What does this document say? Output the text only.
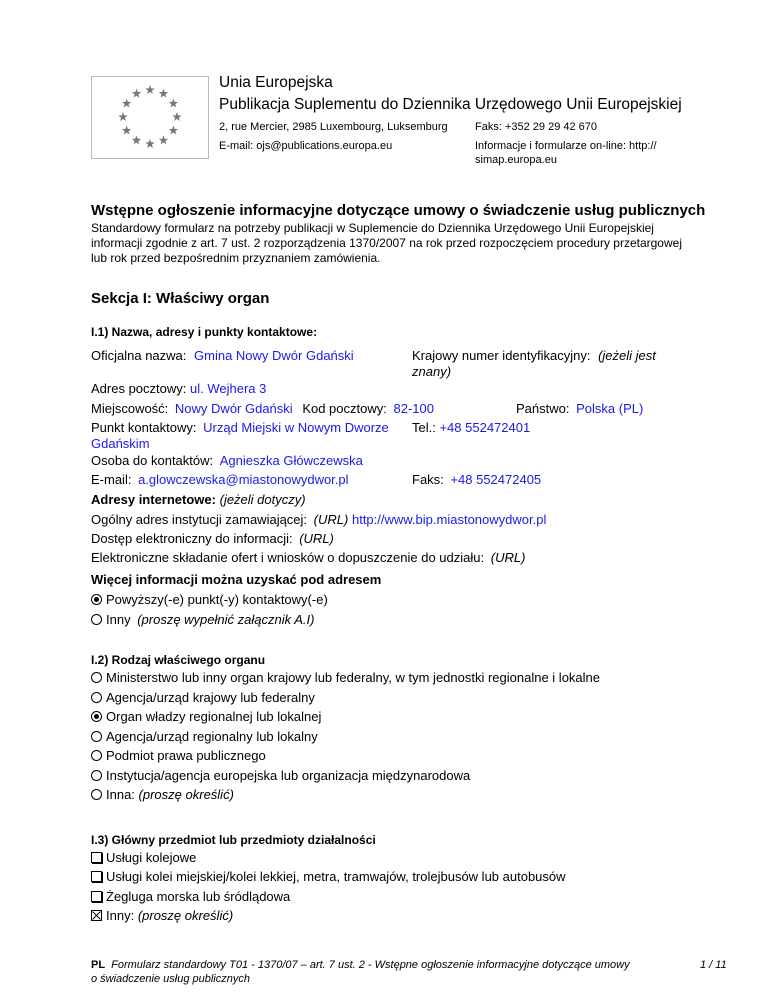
Unia Europejska
Publikacja Suplementu do Dziennika Urzędowego Unii Europejskiej
2, rue Mercier, 2985 Luxembourg, Luksemburg Faks: +352 29 29 42 670
E-mail: ojs@publications.europa.eu	Informacje i formularze on-line: http://
simap.europa.eu
Wstępne ogłoszenie informacyjne dotyczące umowy o świadczenie usług publicznych
Standardowy formularz na potrzeby publikacji w Suplemencie do Dziennika Urzędowego Unii Europejskiej
informacji zgodnie z art. 7 ust. 2 rozporządzenia 1370/2007 na rok przed rozpoczęciem procedury przetargowej
lub rok przed bezpośrednim przyznaniem zamówienia.
Sekcja I: Właściwy organ
I.1) Nazwa, adresy i punkty kontaktowe:
Oficjalna nazwa: Gmina Nowy Dwór Gdański	Krajowy numer identyfikacyjny: (jeżeli jest
znany)
Adres pocztowy: ul. Wejhera 3
Miejscowość: Nowy Dwór Gdański Kod pocztowy: 82-100	Państwo: Polska (PL)
Punkt kontaktowy: Urząd Miejski w Nowym Dworze
Gdańskim
Tel.: +48 552472401
Osoba do kontaktów: Agnieszka Główczewska
E-mail: a.glowczewska@miastonowydwor.pl	Faks: +48 552472405
Adresy internetowe: (jeżeli dotyczy)
Ogólny adres instytucji zamawiającej: (URL) http://www.bip.miastonowydwor.pl
Dostęp elektroniczny do informacji: (URL)
Elektroniczne składanie ofert i wniosków o dopuszczenie do udziału: (URL)
Więcej informacji można uzyskać pod adresem
Powyższy(-e) punkt(-y) kontaktowy(-e)
Inny (proszę wypełnić załącznik A.I)
I.2) Rodzaj właściwego organu
Ministerstwo lub inny organ krajowy lub federalny, w tym jednostki regionalne i lokalne
Agencja/urząd krajowy lub federalny
Organ władzy regionalnej lub lokalnej
Agencja/urząd regionalny lub lokalny
Podmiot prawa publicznego
Instytucja/agencja europejska lub organizacja międzynarodowa
Inna: (proszę określić)
I.3) Główny przedmiot lub przedmioty działalności
Usługi kolejowe
Usługi kolei miejskiej/kolei lekkiej, metra, tramwajów, trolejbusów lub autobusów
Żegluga morska lub śródlądowa
Inny: (proszę określić)
PL Formularz standardowy T01 - 1370/07 – art. 7 ust. 2 - Wstępne ogłoszenie informacyjne dotyczące umowy
o świadczenie usług publicznych
1 / 11
